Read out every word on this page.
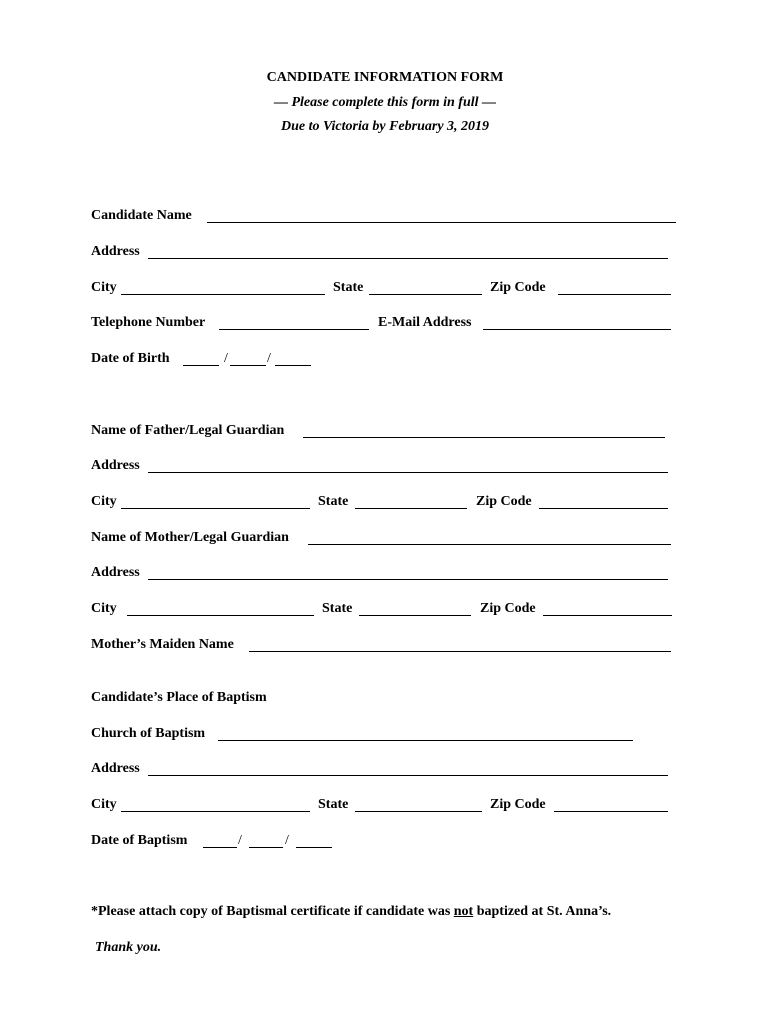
CANDIDATE INFORMATION FORM
— Please complete this form in full —
Due to Victoria by February 3, 2019
Candidate Name
Address
City	State	Zip Code
Telephone Number	E-Mail Address
Date of Birth	/	/
Name of Father/Legal Guardian
Address
City	State	Zip Code
Name of Mother/Legal Guardian
Address
City	State	Zip Code
Mother’s Maiden Name
Candidate’s Place of Baptism
Church of Baptism
Address
City	State	Zip Code
Date of Baptism	/	/
*Please attach copy of Baptismal certificate if candidate was not baptized at St. Anna’s.
Thank you.
